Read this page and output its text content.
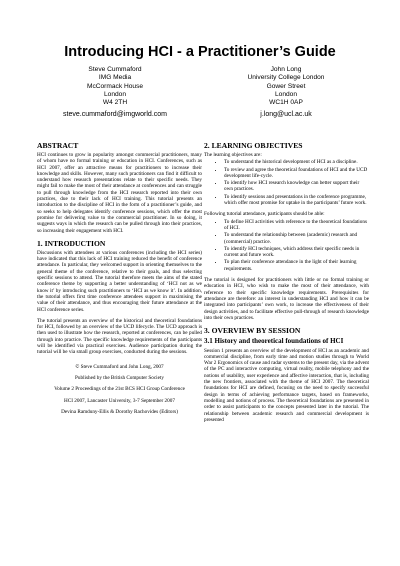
Introducing HCI - a Practitioner’s Guide
Steve Cummaford
IMG Media
McCormack House
London
W4 2TH
steve.cummaford@imgworld.com
John Long
University College London
Gower Street
London
WC1H 0AP
j.long@ucl.ac.uk
ABSTRACT

HCI continues to grow in popularity amongst commercial practitioners, many of whom have no formal training or education in HCI. Conferences, such as HCI 2007, offer an attractive means for practitioners to increase their knowledge and skills. However, many such practitioners can find it difficult to understand how research presentations relate to their specific needs. They might fail to make the most of their attendance at conferences and can struggle to pull through knowledge from the HCI research reported into their own practices, due to their lack of HCI training. This tutorial presents an introduction to the discipline of HCI in the form of a practitioner’s guide, and so seeks to help delegates identify conference sessions, which offer the most promise for delivering value to the commercial practitioner. In so doing, it suggests ways in which the research can be pulled through into their practices, so increasing their engagement with HCI.

1. INTRODUCTION

Discussions with attendees at various conferences (including the HCI series) have indicated that this lack of HCI training reduced the benefit of conference attendance. In particular, they welcomed support in orienting themselves to the general theme of the conference, relative to their goals, and thus selecting specific sessions to attend. The tutorial therefore meets the aims of the stated conference theme by supporting a better understanding of ‘HCI not as we know it’ by introducing such practitioners to ‘HCI as we know it’. In addition, the tutorial offers first time conference attendees support in maximising the value of their attendance, and thus encouraging their future attendance at the HCI conference series.

The tutorial presents an overview of the historical and theoretical foundations for HCI, followed by an overview of the UCD lifecycle. The UCD approach is then used to illustrate how the research, reported at conferences, can be pulled through into practice. The specific knowledge requirements of the participants will be identified via practical exercises. Audience participation during the tutorial will be via small group exercises, conducted during the sessions.

© Steve Cummaford and John Long, 2007
Published by the British Computer Society
Volume 2 Proceedings of the 21st BCS HCI Group Conference
HCI 2007, Lancaster University, 3-7 September 2007
Devina Ramduny-Ellis & Dorothy Rachovides (Editors)
2. LEARNING OBJECTIVES

The learning objectives are:

• To understand the historical development of HCI as a discipline.
• To review and agree the theoretical foundations of HCI and the UCD development life-cycle.
• To identify how HCI research knowledge can better support their own practices.
• To identify sessions and presentations in the conference programme, which offer most promise for uptake in the participants’ future work.

Following tutorial attendance, participants should be able:

• To define HCI activities with reference to the theoretical foundations of HCI.
• To understand the relationship between (academic) research and (commercial) practice.
• To identify HCI techniques, which address their specific needs in current and future work.
• To plan their conference attendance in the light of their learning requirements.

The tutorial is designed for practitioners with little or no formal training or education in HCI, who wish to make the most of their attendance, with reference to their specific knowledge requirements. Prerequisites for attendance are therefore: an interest in understanding HCI and how it can be integrated into participants’ own work, to increase the effectiveness of their design activities, and to facilitate effective pull-through of research knowledge into their own practices.

3. OVERVIEW BY SESSION
3.1 History and theoretical foundations of HCI

Session 1 presents an overview of the development of HCI as an academic and commercial discipline, from early time and motion studies through to World War 2 Ergonomics of cause and radar systems to the present day, via the advent of the PC and interactive computing, virtual reality, mobile telephony and the notions of usability, user experience and affective interaction, that is, including the new frontiers, associated with the theme of HCI 2007. The theoretical foundations for HCI are defined, focusing on the need to specify successful design in terms of achieving performance targets, based on frameworks, modelling and notions of process. The theoretical foundations are presented in order to assist participants to the concepts presented later in the tutorial. The relationship between academic research and commercial development is presented
